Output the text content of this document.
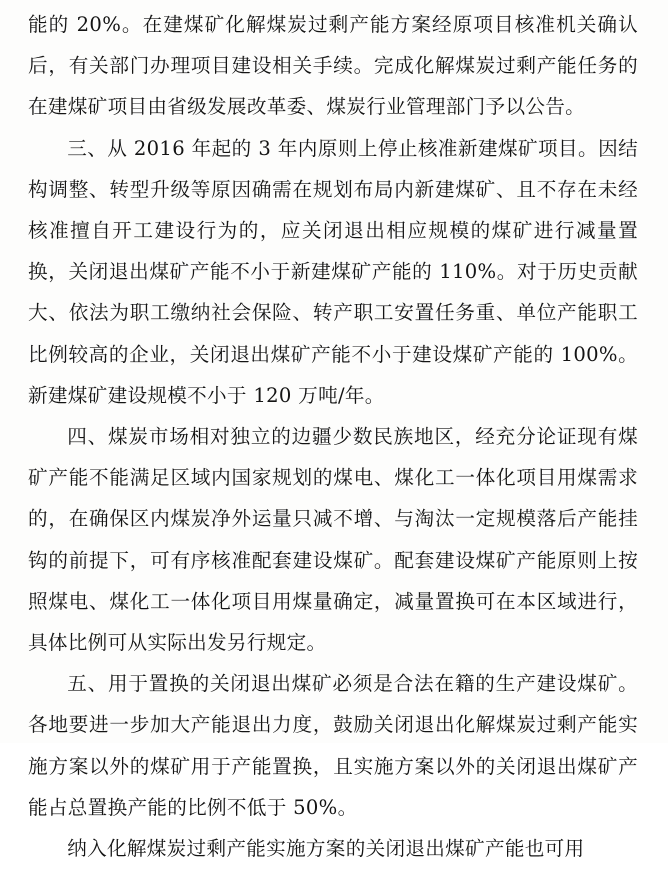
能的 20%。在建煤矿化解煤炭过剩产能方案经原项目核准机关确认后，有关部门办理项目建设相关手续。完成化解煤炭过剩产能任务的在建煤矿项目由省级发展改革委、煤炭行业管理部门予以公告。

三、从 2016 年起的 3 年内原则上停止核准新建煤矿项目。因结构调整、转型升级等原因确需在规划布局内新建煤矿、且不存在未经核准擅自开工建设行为的，应关闭退出相应规模的煤矿进行减量置换，关闭退出煤矿产能不小于新建煤矿产能的 110%。对于历史贡献大、依法为职工缴纳社会保险、转产职工安置任务重、单位产能职工比例较高的企业，关闭退出煤矿产能不小于建设煤矿产能的 100%。新建煤矿建设规模不小于 120 万吨/年。

四、煤炭市场相对独立的边疆少数民族地区，经充分论证现有煤矿产能不能满足区域内国家规划的煤电、煤化工一体化项目用煤需求的，在确保区内煤炭净外运量只减不增、与淘汰一定规模落后产能挂钩的前提下，可有序核准配套建设煤矿。配套建设煤矿产能原则上按照煤电、煤化工一体化项目用煤量确定，减量置换可在本区域进行，具体比例可从实际出发另行规定。

五、用于置换的关闭退出煤矿必须是合法在籍的生产建设煤矿。各地要进一步加大产能退出力度，鼓励关闭退出化解煤炭过剩产能实施方案以外的煤矿用于产能置换，且实施方案以外的关闭退出煤矿产能占总置换产能的比例不低于 50%。

纳入化解煤炭过剩产能实施方案的关闭退出煤矿产能也可用
